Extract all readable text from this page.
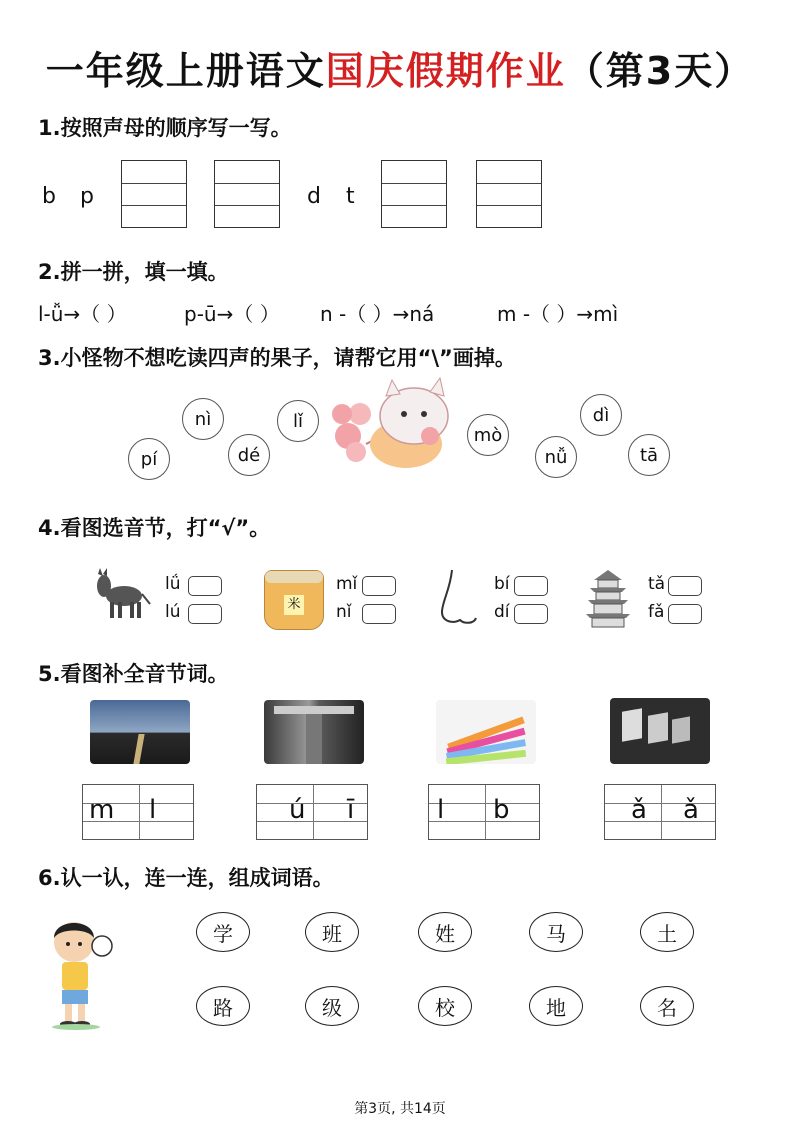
一年级上册语文国庆假期作业（第3天）
1.按照声母的顺序写一写。
b p	d t
2.拼一拼，填一填。
l-ǚ→（ ）	p-ū→（ ） n -（ ）→ná	m -（ ）→mì
3.小怪物不想吃读四声的果子，请帮它用“\”画掉。
pí
nì
dé
lǐ
mò
dì
nǚ	tā
4.看图选音节，打“√”。
lǘ
lú	米
mǐ
nǐ
bí
dí
tǎ
fǎ
5.看图补全音节词。
m l	ú ī	l b	ǎ ǎ
6.认一认，连一连，组成词语。
学	班	姓	马	土
路	级	校	地	名
第3页, 共14页
